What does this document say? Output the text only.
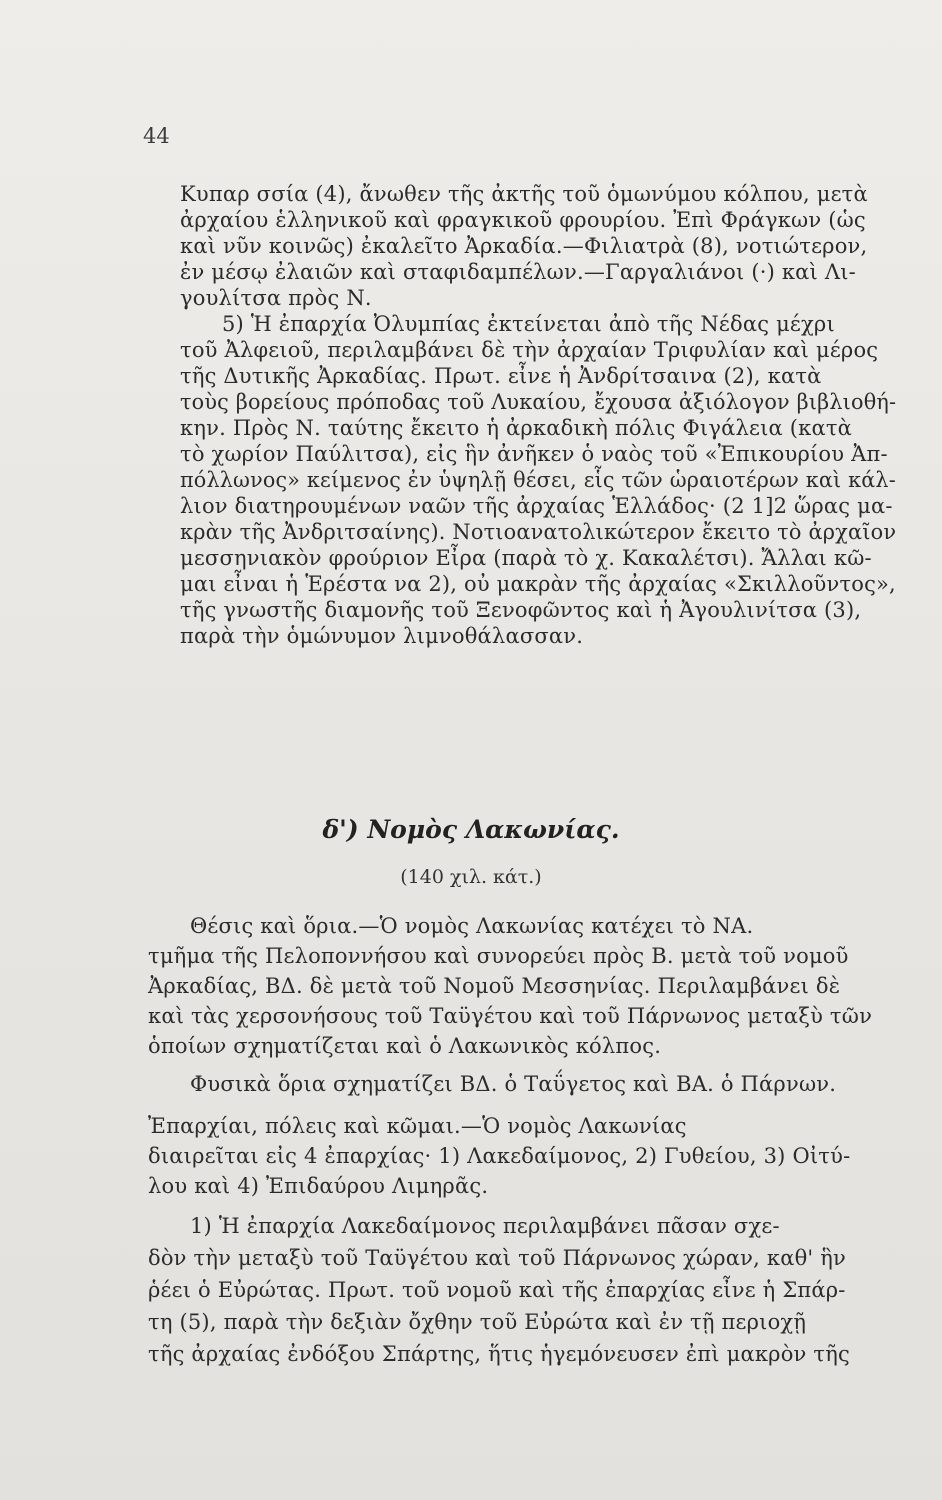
44
Κυπαρ σσία (4), ἄνωθεν τῆς ἀκτῆς τοῦ ὁμωνύμου κόλπου, μετὰ
ἀρχαίου ἑλληνικοῦ καὶ φραγκικοῦ φρουρίου. Ἐπὶ Φράγκων (ὡς
καὶ νῦν κοινῶς) ἐκαλεῖτο Ἀρκαδία.—Φιλιατρὰ (8), νοτιώτερον,
ἐν μέσῳ ἐλαιῶν καὶ σταφιδαμπέλων.—Γαργαλιάνοι (·) καὶ Λι-
γουλίτσα πρὸς Ν.
5) Ἡ ἐπαρχία Ὀλυμπίας ἐκτείνεται ἀπὸ τῆς Νέδας μέχρι
τοῦ Ἀλφειοῦ, περιλαμβάνει δὲ τὴν ἀρχαίαν Τριφυλίαν καὶ μέρος
τῆς Δυτικῆς Ἀρκαδίας. Πρωτ. εἶνε ἡ Ἀνδρίτσαινα (2), κατὰ
τοὺς βορείους πρόποδας τοῦ Λυκαίου, ἔχουσα ἀξιόλογον βιβλιοθή-
κην. Πρὸς Ν. ταύτης ἔκειτο ἡ ἀρκαδικὴ πόλις Φιγάλεια (κατὰ
τὸ χωρίον Παύλιτσα), εἰς ἣν ἀνῆκεν ὁ ναὸς τοῦ «Ἐπικουρίου Ἀπ-
πόλλωνος» κείμενος ἐν ὑψηλῇ θέσει, εἷς τῶν ὡραιοτέρων καὶ κάλ-
λιον διατηρουμένων ναῶν τῆς ἀρχαίας Ἑλλάδος· (2 1]2 ὥρας μα-
κρὰν τῆς Ἀνδριτσαίνης). Νοτιοανατολικώτερον ἔκειτο τὸ ἀρχαῖον
μεσσηνιακὸν φρούριον Εἶρα (παρὰ τὸ χ. Κακαλέτσι). Ἄλλαι κῶ-
μαι εἶναι ἡ Ἑρέστα να 2), οὐ μακρὰν τῆς ἀρχαίας «Σκιλλοῦντος»,
τῆς γνωστῆς διαμονῆς τοῦ Ξενοφῶντος καὶ ἡ Ἀγουλινίτσα (3),
παρὰ τὴν ὁμώνυμον λιμνοθάλασσαν.
δ') Νομὸς Λακωνίας.
(140 χιλ. κάτ.)
Θέσις καὶ ὅρια.—Ὁ νομὸς Λακωνίας κατέχει τὸ ΝΑ.
τμῆμα τῆς Πελοποννήσου καὶ συνορεύει πρὸς Β. μετὰ τοῦ νομοῦ
Ἀρκαδίας, ΒΔ. δὲ μετὰ τοῦ Νομοῦ Μεσσηνίας. Περιλαμβάνει δὲ
καὶ τὰς χερσονήσους τοῦ Ταϋγέτου καὶ τοῦ Πάρνωνος μεταξὺ τῶν
ὁποίων σχηματίζεται καὶ ὁ Λακωνικὸς κόλπος.
Φυσικὰ ὅρια σχηματίζει ΒΔ. ὁ Ταΰγετος καὶ ΒΑ. ὁ Πάρνων.
Ἐπαρχίαι, πόλεις καὶ κῶμαι.—Ὁ νομὸς Λακωνίας
διαιρεῖται εἰς 4 ἐπαρχίας· 1) Λακεδαίμονος, 2) Γυθείου, 3) Οἰτύ-
λου καὶ 4) Ἐπιδαύρου Λιμηρᾶς.
1) Ἡ ἐπαρχία Λακεδαίμονος περιλαμβάνει πᾶσαν σχε-
δὸν τὴν μεταξὺ τοῦ Ταϋγέτου καὶ τοῦ Πάρνωνος χώραν, καθ' ἣν
ῥέει ὁ Εὐρώτας. Πρωτ. τοῦ νομοῦ καὶ τῆς ἐπαρχίας εἶνε ἡ Σπάρ-
τη (5), παρὰ τὴν δεξιὰν ὄχθην τοῦ Εὐρώτα καὶ ἐν τῇ περιοχῇ
τῆς ἀρχαίας ἐνδόξου Σπάρτης, ἥτις ἡγεμόνευσεν ἐπὶ μακρὸν τῆς
